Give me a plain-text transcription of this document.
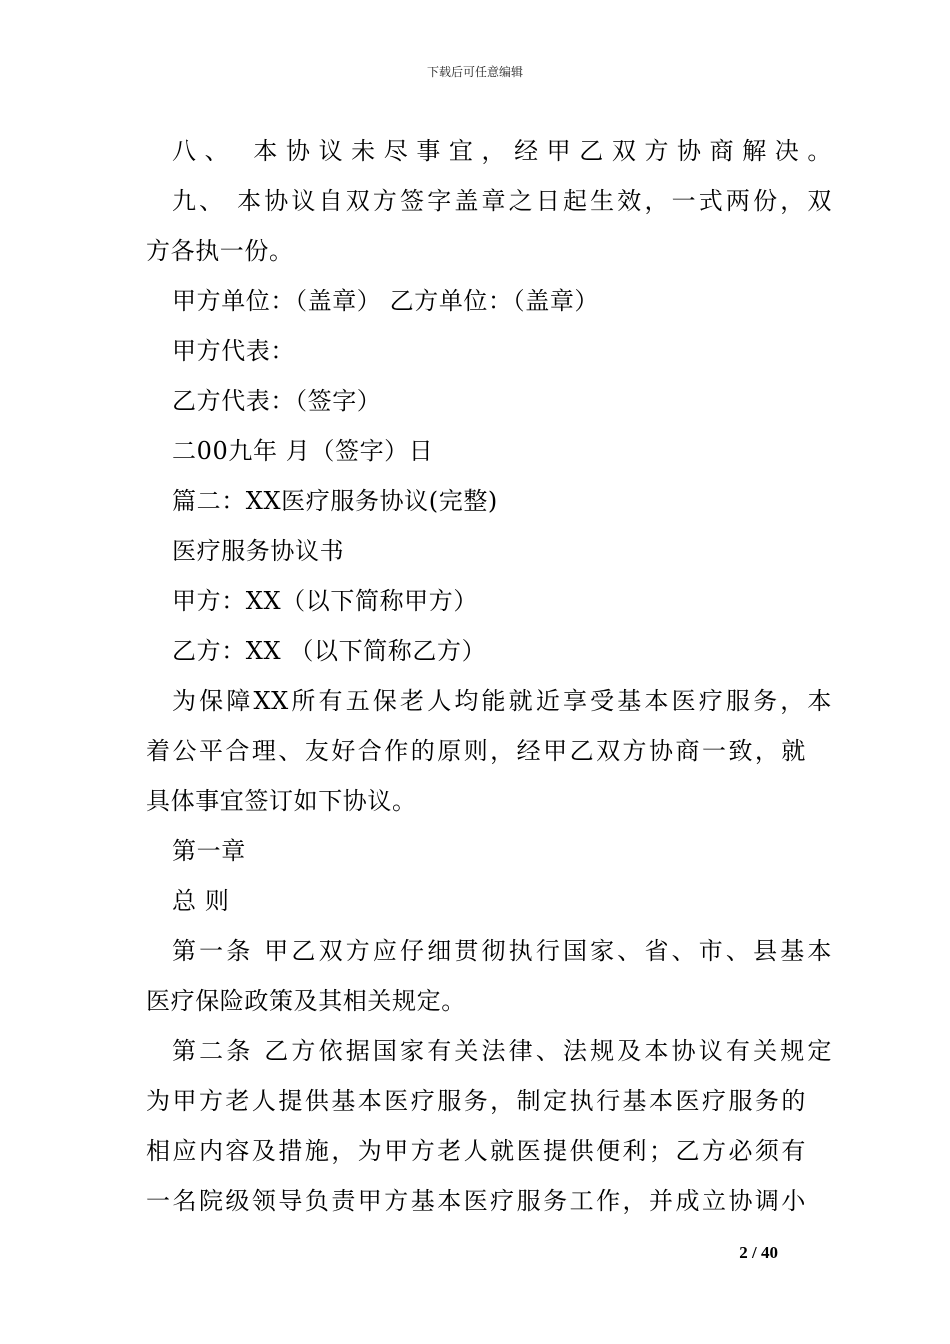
下载后可任意编辑
八、 本协议未尽事宜，经甲乙双方协商解决。
九、 本协议自双方签字盖章之日起生效，一式两份，双
方各执一份。
甲方单位：（盖章） 乙方单位：（盖章）
甲方代表：
乙方代表：（签字）
二00九年 月（签字）日
篇二：XX医疗服务协议(完整)
医疗服务协议书
甲方：XX（以下简称甲方）
乙方：XX （以下简称乙方）
为保障XX所有五保老人均能就近享受基本医疗服务，本
着公平合理、友好合作的原则，经甲乙双方协商一致，就
具体事宜签订如下协议。
第一章
总 则
第一条 甲乙双方应仔细贯彻执行国家、省、市、县基本
医疗保险政策及其相关规定。
第二条 乙方依据国家有关法律、法规及本协议有关规定
为甲方老人提供基本医疗服务，制定执行基本医疗服务的
相应内容及措施，为甲方老人就医提供便利；乙方必须有
一名院级领导负责甲方基本医疗服务工作，并成立协调小
2 / 40
